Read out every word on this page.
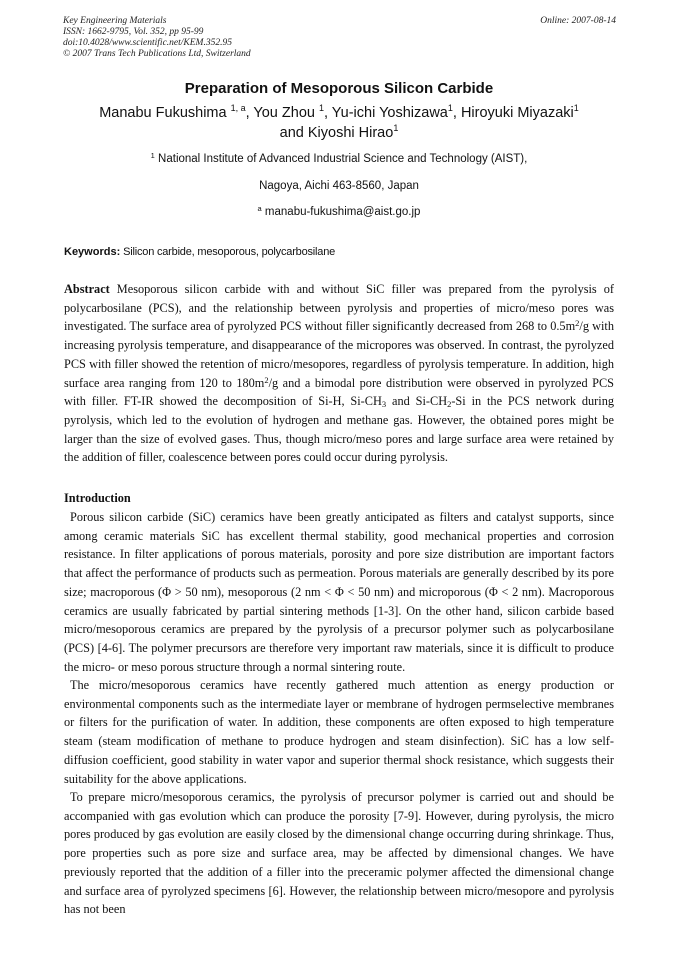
Key Engineering Materials
ISSN: 1662-9795, Vol. 352, pp 95-99
doi:10.4028/www.scientific.net/KEM.352.95
© 2007 Trans Tech Publications Ltd, Switzerland
Online: 2007-08-14
Preparation of Mesoporous Silicon Carbide
Manabu Fukushima $^{1, a}$, You Zhou $^1$, Yu-ichi Yoshizawa$^1$, Hiroyuki Miyazaki$^1$
and Kiyoshi Hirao$^1$
$^1$ National Institute of Advanced Industrial Science and Technology (AIST),
Nagoya, Aichi 463-8560, Japan
$^a$ manabu-fukushima@aist.go.jp
Keywords: Silicon carbide, mesoporous, polycarbosilane

Abstract Mesoporous silicon carbide with and without SiC filler was prepared from the pyrolysis of polycarbosilane (PCS), and the relationship between pyrolysis and properties of micro/meso pores was investigated. The surface area of pyrolyzed PCS without filler significantly decreased from 268 to $0.5m^2/g$ with increasing pyrolysis temperature, and disappearance of the micropores was observed. In contrast, the pyrolyzed PCS with filler showed the retention of micro/mesopores, regardless of pyrolysis temperature. In addition, high surface area ranging from 120 to $180m^2/g$ and a bimodal pore distribution were observed in pyrolyzed PCS with filler. FT-IR showed the decomposition of Si-H, $Si-CH_3$ and $Si-CH_2-Si$ in the PCS network during pyrolysis, which led to the evolution of hydrogen and methane gas. However, the obtained pores might be larger than the size of evolved gases. Thus, though micro/meso pores and large surface area were retained by the addition of filler, coalescence between pores could occur during pyrolysis.

Introduction

Porous silicon carbide (SiC) ceramics have been greatly anticipated as filters and catalyst supports, since among ceramic materials SiC has excellent thermal stability, good mechanical properties and corrosion resistance. In filter applications of porous materials, porosity and pore size distribution are important factors that affect the performance of products such as permeation. Porous materials are generally described by its pore size; macroporous (Φ > 50 nm), mesoporous (2 nm < Φ < 50 nm) and microporous (Φ < 2 nm). Macroporous ceramics are usually fabricated by partial sintering methods [1-3]. On the other hand, silicon carbide based micro/mesoporous ceramics are prepared by the pyrolysis of a precursor polymer such as polycarbosilane (PCS) [4-6]. The polymer precursors are therefore very important raw materials, since it is difficult to produce the micro- or meso porous structure through a normal sintering route.

The micro/mesoporous ceramics have recently gathered much attention as energy production or environmental components such as the intermediate layer or membrane of hydrogen permselective membranes or filters for the purification of water. In addition, these components are often exposed to high temperature steam (steam modification of methane to produce hydrogen and steam disinfection). SiC has a low self-diffusion coefficient, good stability in water vapor and superior thermal shock resistance, which suggests their suitability for the above applications.

To prepare micro/mesoporous ceramics, the pyrolysis of precursor polymer is carried out and should be accompanied with gas evolution which can produce the porosity [7-9]. However, during pyrolysis, the micro pores produced by gas evolution are easily closed by the dimensional change occurring during shrinkage. Thus, pore properties such as pore size and surface area, may be affected by dimensional changes. We have previously reported that the addition of a filler into the preceramic polymer affected the dimensional change and surface area of pyrolyzed specimens [6]. However, the relationship between micro/mesopore and pyrolysis has not been
